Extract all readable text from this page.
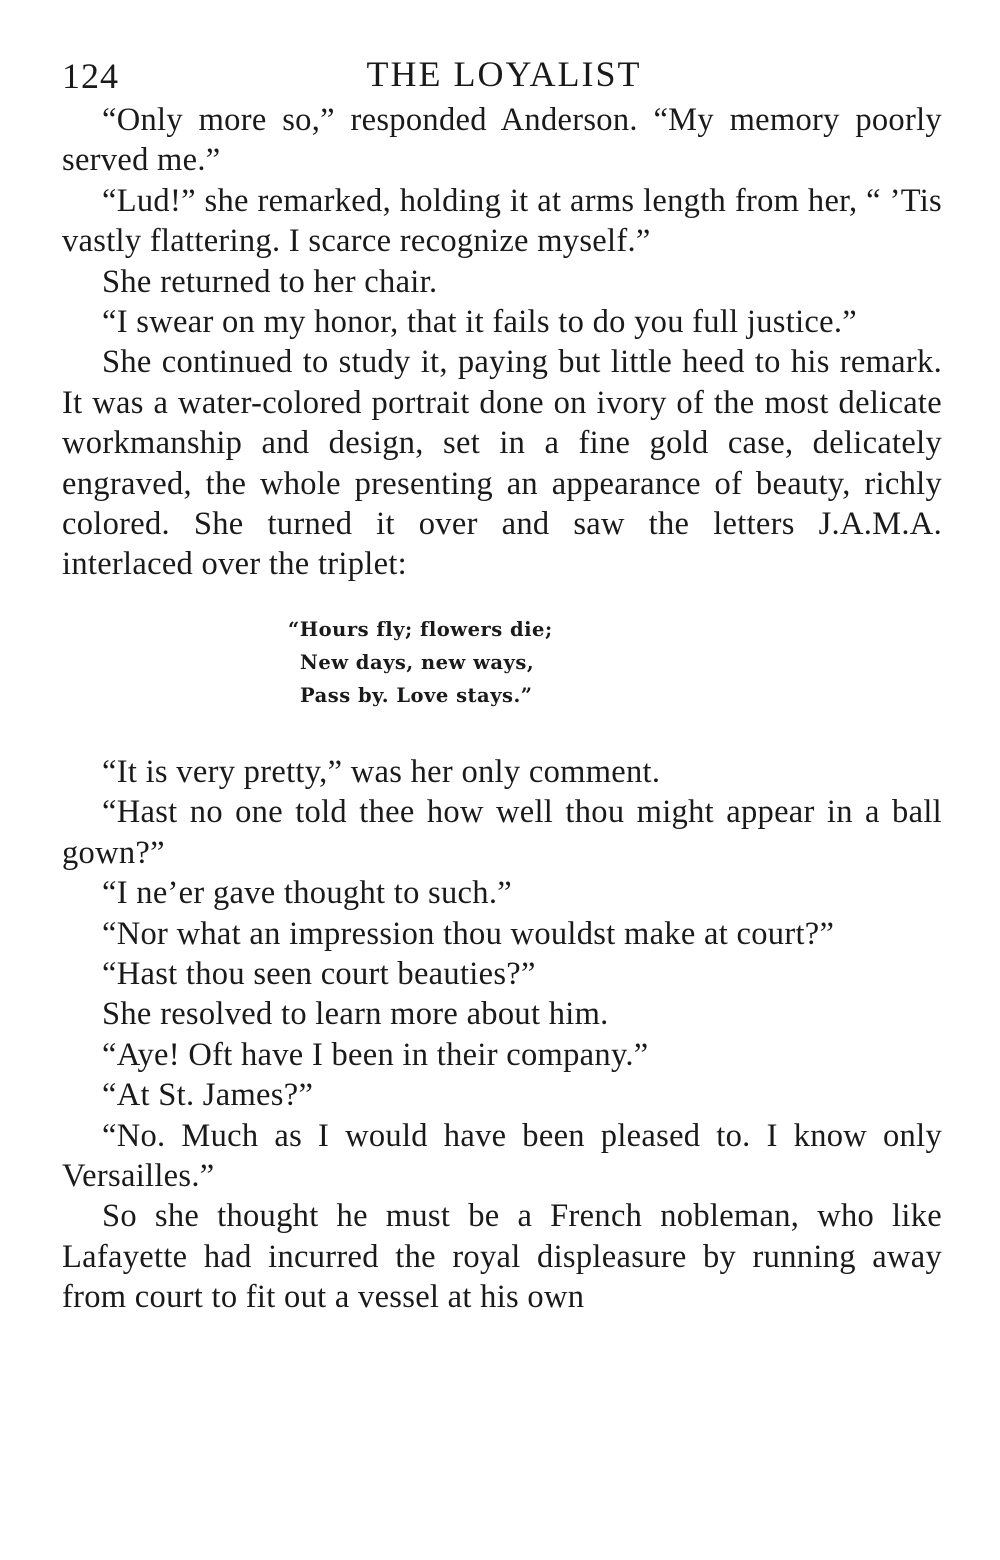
124	THE LOYALIST

“Only more so,” responded Anderson. “My memory poorly served me.”

“Lud!” she remarked, holding it at arms length from her, “ ’Tis vastly flattering. I scarce recognize myself.”

She returned to her chair.

“I swear on my honor, that it fails to do you full justice.”

She continued to study it, paying but little heed to his remark. It was a water-colored portrait done on ivory of the most delicate workmanship and design, set in a fine gold case, delicately engraved, the whole presenting an appearance of beauty, richly colored. She turned it over and saw the letters J.A.M.A. interlaced over the triplet:

“Hours fly; flowers die;
New days, new ways,
Pass by. Love stays.”

“It is very pretty,” was her only comment.

“Hast no one told thee how well thou might appear in a ball gown?”

“I ne’er gave thought to such.”

“Nor what an impression thou wouldst make at court?”

“Hast thou seen court beauties?”

She resolved to learn more about him.

“Aye! Oft have I been in their company.”

“At St. James?”

“No. Much as I would have been pleased to. I know only Versailles.”

So she thought he must be a French nobleman, who like Lafayette had incurred the royal displeasure by running away from court to fit out a vessel at his own
